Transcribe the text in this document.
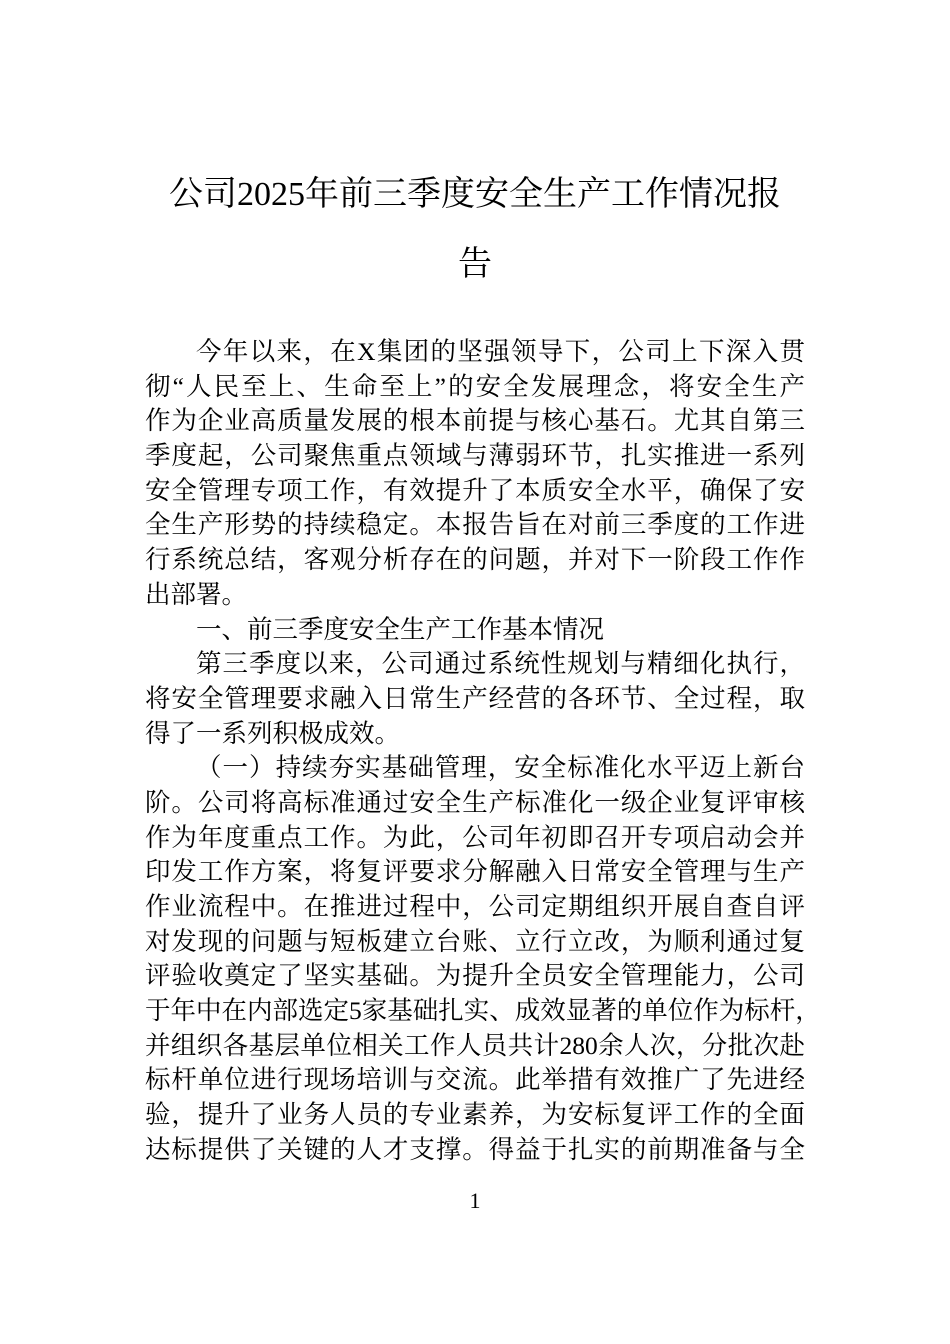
公司2025年前三季度安全生产工作情况报
告
今年以来，在X集团的坚强领导下，公司上下深入贯
彻“人民至上、生命至上”的安全发展理念，将安全生产
作为企业高质量发展的根本前提与核心基石。尤其自第三
季度起，公司聚焦重点领域与薄弱环节，扎实推进一系列
安全管理专项工作，有效提升了本质安全水平，确保了安
全生产形势的持续稳定。本报告旨在对前三季度的工作进
行系统总结，客观分析存在的问题，并对下一阶段工作作
出部署。
一、前三季度安全生产工作基本情况
第三季度以来，公司通过系统性规划与精细化执行，
将安全管理要求融入日常生产经营的各环节、全过程，取
得了一系列积极成效。
（一）持续夯实基础管理，安全标准化水平迈上新台
阶。公司将高标准通过安全生产标准化一级企业复评审核
作为年度重点工作。为此，公司年初即召开专项启动会并
印发工作方案，将复评要求分解融入日常安全管理与生产
作业流程中。在推进过程中，公司定期组织开展自查自评
对发现的问题与短板建立台账、立行立改，为顺利通过复
评验收奠定了坚实基础。为提升全员安全管理能力，公司
于年中在内部选定5家基础扎实、成效显著的单位作为标杆，
并组织各基层单位相关工作人员共计280余人次，分批次赴
标杆单位进行现场培训与交流。此举措有效推广了先进经
验，提升了业务人员的专业素养，为安标复评工作的全面
达标提供了关键的人才支撑。得益于扎实的前期准备与全
1
